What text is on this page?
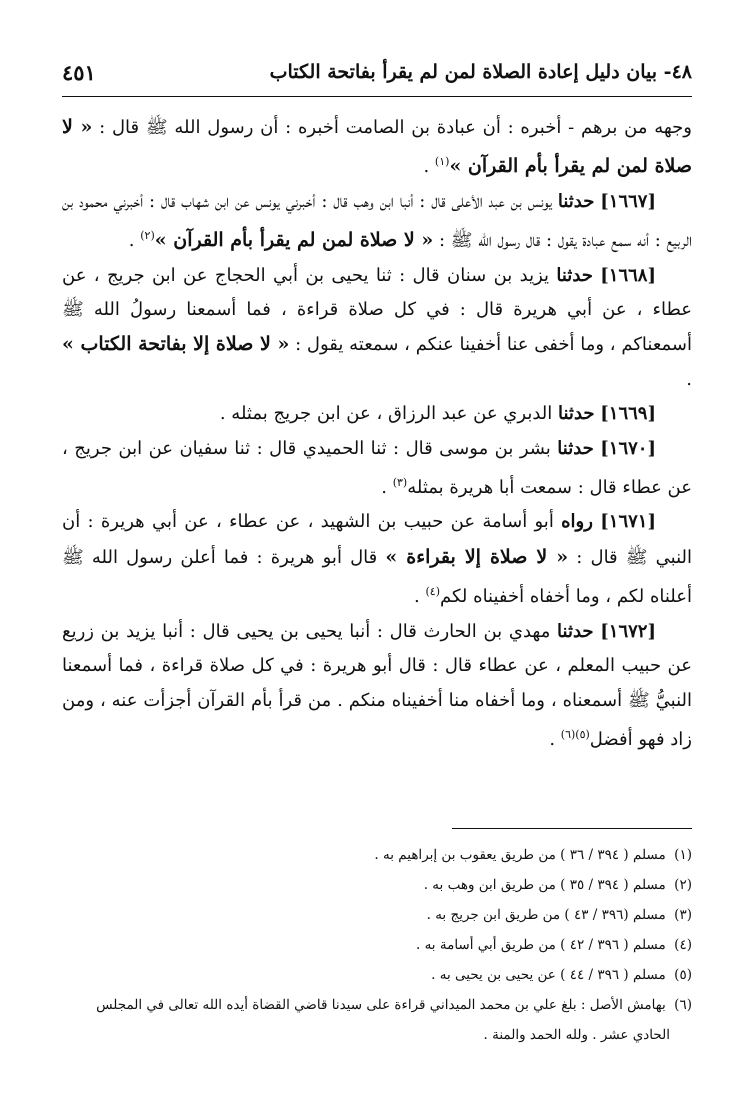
٤٨- بيان دليل إعادة الصلاة لمن لم يقرأ بفاتحة الكتاب
٤٥١

وجهه من برهم - أخبره : أن عبادة بن الصامت أخبره : أن رسول الله ﷺ قال : « لا صلاة لمن لم يقرأ بأم القرآن »$^{(١)}$ .

[١٦٦٧] حدثنا يونس بن عبد الأعلى قال : أنبا ابن وهب قال : أخبرني يونس عن ابن شهاب قال : أخبرني محمود بن الربيع : أنه سمع عبادة يقول : قال رسول الله ﷺ : « لا صلاة لمن لم يقرأ بأم القرآن »$^{(٢)}$ .

[١٦٦٨] حدثنا يزيد بن سنان قال : ثنا يحيى بن أبي الحجاج عن ابن جريج ، عن عطاء ، عن أبي هريرة قال : في كل صلاة قراءة ، فما أسمعنا رسولُ الله ﷺ أسمعناكم ، وما أخفى عنا أخفينا عنكم ، سمعته يقول : « لا صلاة إلا بفاتحة الكتاب » .

[١٦٦٩] حدثنا الدبري عن عبد الرزاق ، عن ابن جريج بمثله .

[١٦٧٠] حدثنا بشر بن موسى قال : ثنا الحميدي قال : ثنا سفيان عن ابن جريج ، عن عطاء قال : سمعت أبا هريرة بمثله$^{(٣)}$ .

[١٦٧١] رواه أبو أسامة عن حبيب بن الشهيد ، عن عطاء ، عن أبي هريرة : أن النبي ﷺ قال : « لا صلاة إلا بقراءة » قال أبو هريرة : فما أعلن رسول الله ﷺ أعلناه لكم ، وما أخفاه أخفيناه لكم$^{(٤)}$ .

[١٦٧٢] حدثنا مهدي بن الحارث قال : أنبا يحيى بن يحيى قال : أنبا يزيد بن زريع عن حبيب المعلم ، عن عطاء قال : قال أبو هريرة : في كل صلاة قراءة ، فما أسمعنا النبيُّ ﷺ أسمعناه ، وما أخفاه منا أخفيناه منكم . من قرأ بأم القرآن أجزأت عنه ، ومن زاد فهو أفضل$^{(٥)(٦)}$ .

(١) مسلم ( ٣٩٤ / ٣٦ ) من طريق يعقوب بن إبراهيم به .

(٢) مسلم ( ٣٩٤ / ٣٥ ) من طريق ابن وهب به .

(٣) مسلم (٣٩٦ / ٤٣ ) من طريق ابن جريج به .

(٤) مسلم ( ٣٩٦ / ٤٢ ) من طريق أبي أسامة به .

(٥) مسلم ( ٣٩٦ / ٤٤ ) عن يحيى بن يحيى به .

(٦) بهامش الأصل : بلغ علي بن محمد الميداني قراءة على سيدنا قاضي القضاة أيده الله تعالى في المجلس

الحادي عشر . ولله الحمد والمنة .
